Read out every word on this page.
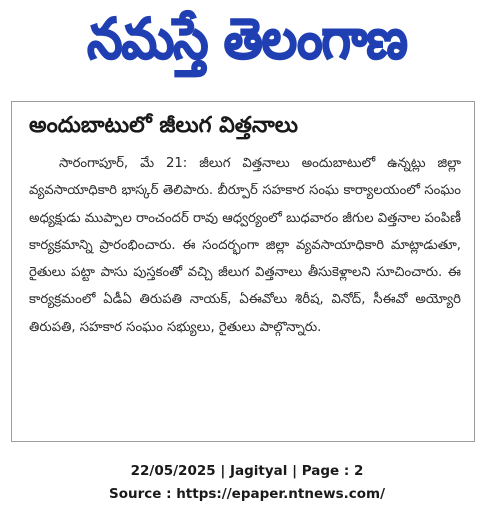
నమస్తే తెలంగాణ
అందుబాటులో జీలుగ విత్తనాలు

సారంగాపూర్, మే 21: జీలుగ విత్తనాలు అందుబాటులో ఉన్నట్లు జిల్లా వ్యవసాయాధికారి భాస్కర్ తెలిపారు. బీర్పూర్ సహకార సంఘ కార్యాలయంలో సంఘం అధ్యక్షుడు ముప్పాల రాంచందర్ రావు ఆధ్వర్యంలో బుధవారం జీగుల విత్తనాల పంపిణీ కార్యక్రమాన్ని ప్రారంభించారు. ఈ సందర్భంగా జిల్లా వ్యవసాయాధికారి మాట్లాడుతూ, రైతులు పట్టా పాసు పుస్తకంతో వచ్చి జీలుగ విత్తనాలు తీసుకెళ్లాలని సూచించారు. ఈ కార్యక్రమంలో ఏడీఏ తిరుపతి నాయక్, ఏఈవోలు శిరీష, వినోద్, సీఈవో అయ్యోరి తిరుపతి, సహకార సంఘం సభ్యులు, రైతులు పాల్గొన్నారు.

22/05/2025 | Jagityal | Page : 2
Source : https://epaper.ntnews.com/
